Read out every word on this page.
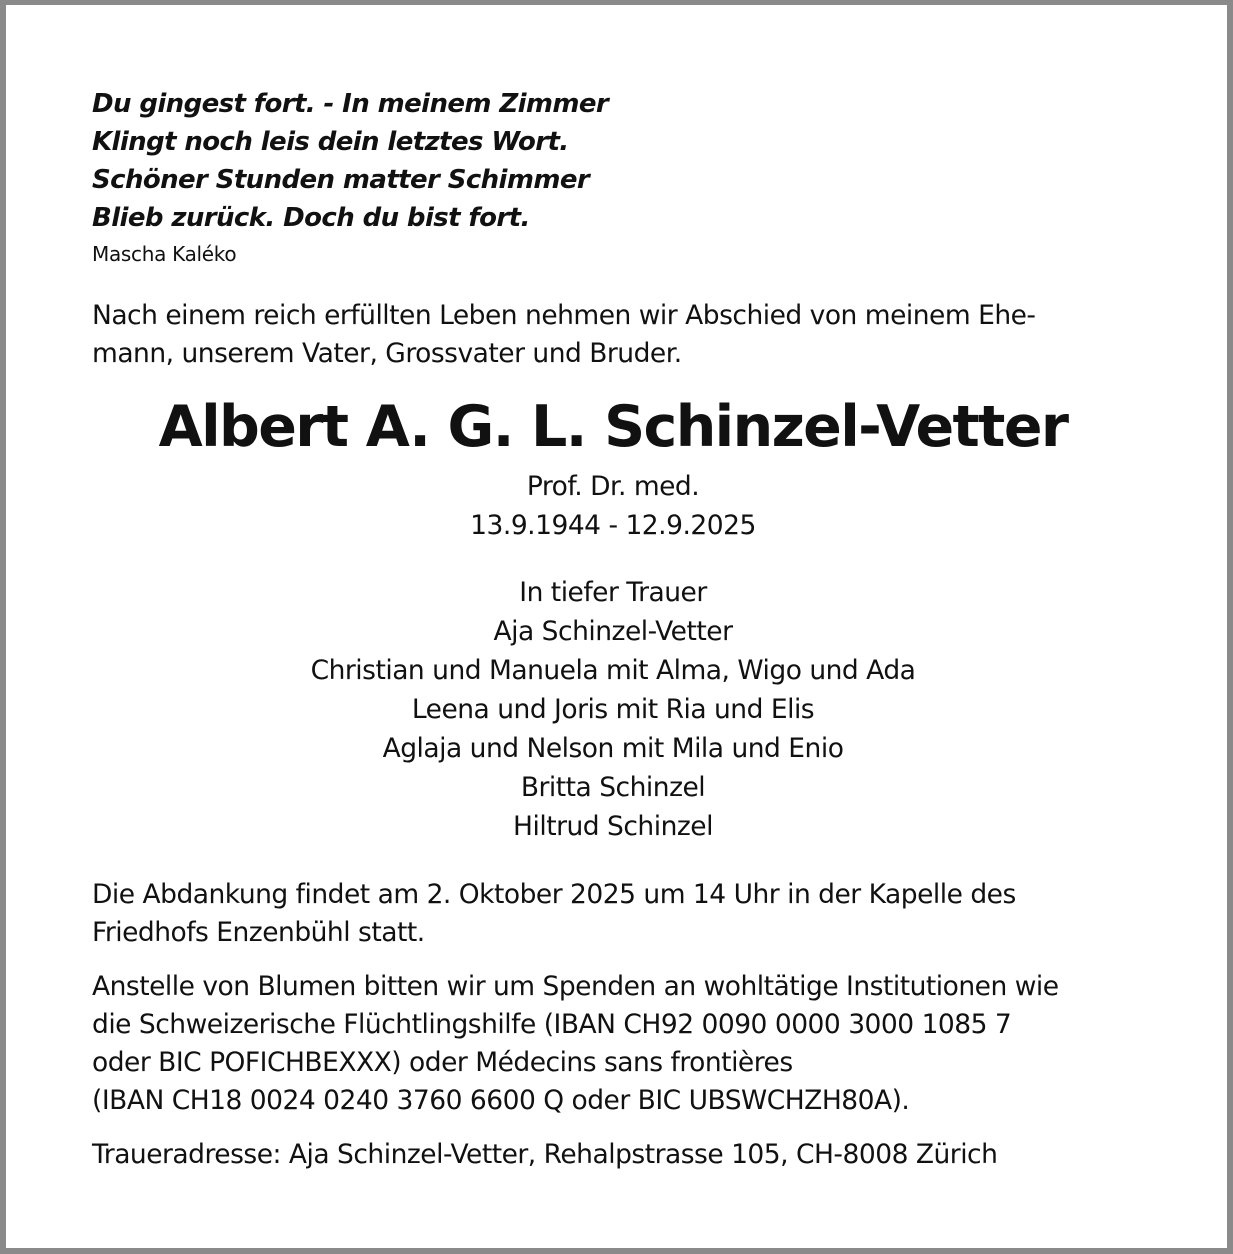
Du gingest fort. - In meinem Zimmer
Klingt noch leis dein letztes Wort.
Schöner Stunden matter Schimmer
Blieb zurück. Doch du bist fort.
Mascha Kaléko
Nach einem reich erfüllten Leben nehmen wir Abschied von meinem Ehe-
mann, unserem Vater, Grossvater und Bruder.
Albert A. G. L. Schinzel-Vetter
Prof. Dr. med.
13.9.1944 - 12.9.2025
In tiefer Trauer
Aja Schinzel-Vetter
Christian und Manuela mit Alma, Wigo und Ada
Leena und Joris mit Ria und Elis
Aglaja und Nelson mit Mila und Enio
Britta Schinzel
Hiltrud Schinzel
Die Abdankung findet am 2. Oktober 2025 um 14 Uhr in der Kapelle des
Friedhofs Enzenbühl statt.
Anstelle von Blumen bitten wir um Spenden an wohltätige Institutionen wie
die Schweizerische Flüchtlingshilfe (IBAN CH92 0090 0000 3000 1085 7
oder BIC POFICHBEXXX) oder Médecins sans frontières
(IBAN CH18 0024 0240 3760 6600 Q oder BIC UBSWCHZH80A).
Traueradresse: Aja Schinzel-Vetter, Rehalpstrasse 105, CH-8008 Zürich
